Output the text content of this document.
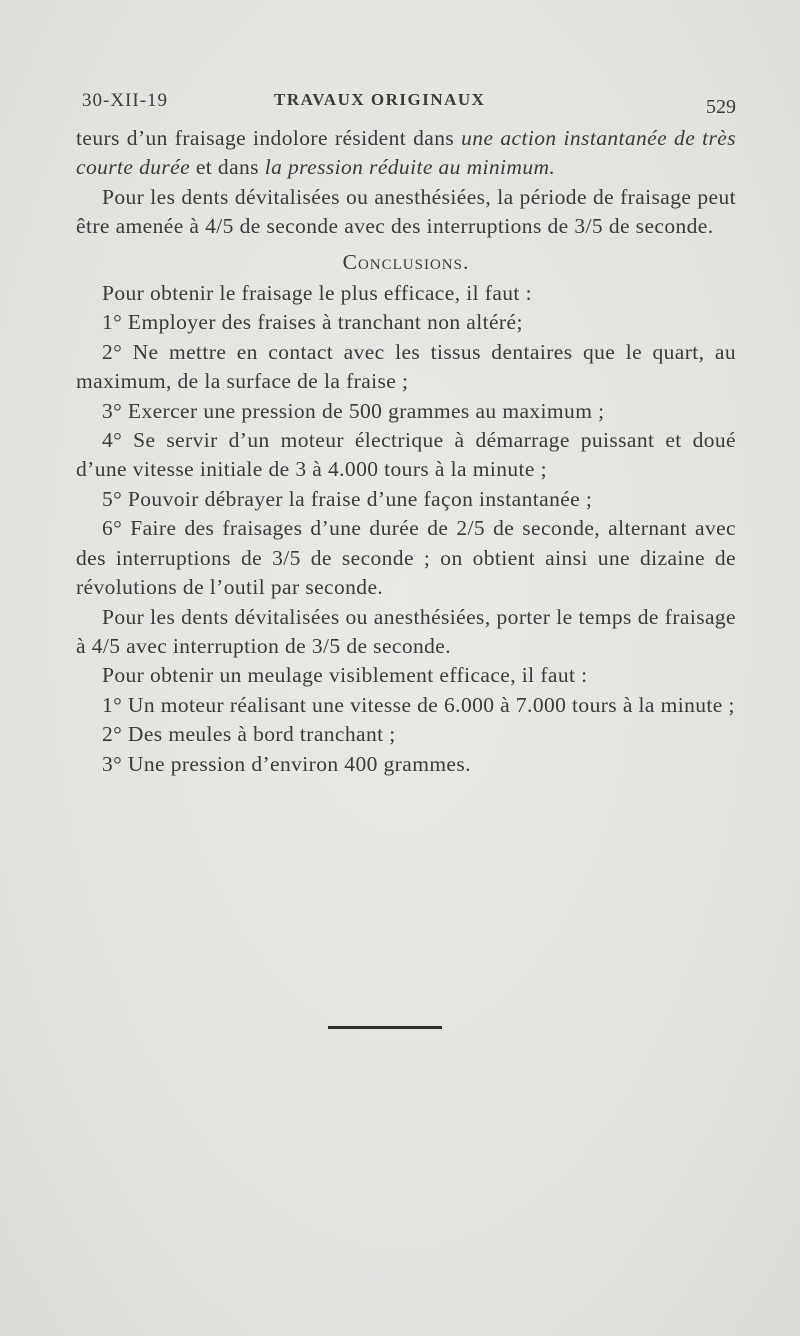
30-XII-19	TRAVAUX ORIGINAUX	529

teurs d’un fraisage indolore résident dans une action instantanée de très courte durée et dans la pression réduite au minimum.

Pour les dents dévitalisées ou anesthésiées, la période de fraisage peut être amenée à 4/5 de seconde avec des interruptions de 3/5 de seconde.

Conclusions.

Pour obtenir le fraisage le plus efficace, il faut :

1° Employer des fraises à tranchant non altéré;

2° Ne mettre en contact avec les tissus dentaires que le quart, au maximum, de la surface de la fraise ;

3° Exercer une pression de 500 grammes au maximum ;

4° Se servir d’un moteur électrique à démarrage puissant et doué d’une vitesse initiale de 3 à 4.000 tours à la minute ;

5° Pouvoir débrayer la fraise d’une façon instantanée ;

6° Faire des fraisages d’une durée de 2/5 de seconde, alternant avec des interruptions de 3/5 de seconde ; on obtient ainsi une dizaine de révolutions de l’outil par seconde.

Pour les dents dévitalisées ou anesthésiées, porter le temps de fraisage à 4/5 avec interruption de 3/5 de seconde.

Pour obtenir un meulage visiblement efficace, il faut :

1° Un moteur réalisant une vitesse de 6.000 à 7.000 tours à la minute ;

2° Des meules à bord tranchant ;

3° Une pression d’environ 400 grammes.
